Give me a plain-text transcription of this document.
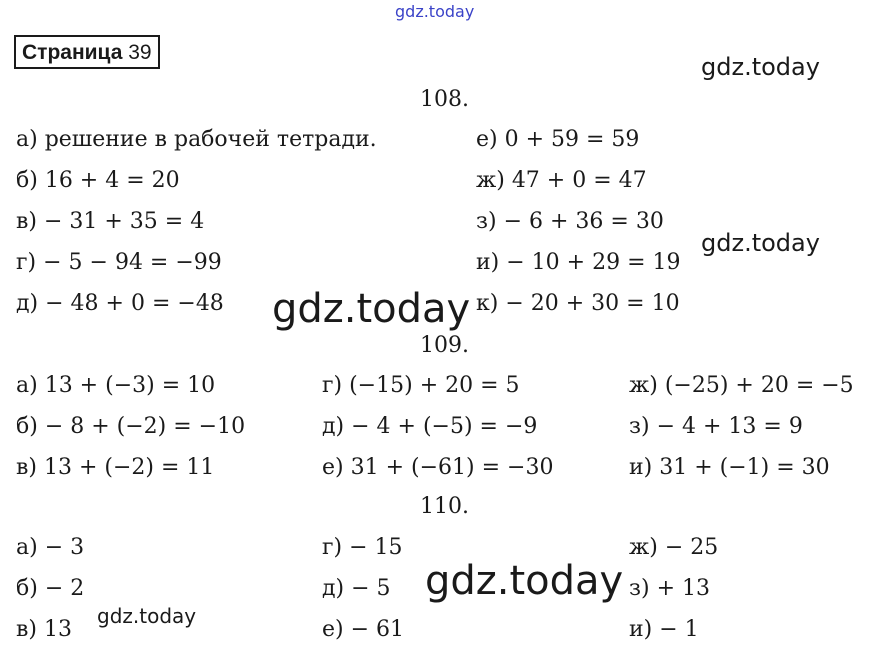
gdz.today
Страница 39
108.
а) решение в рабочей тетради.
б) 16 + 4 = 20
в) − 31 + 35 = 4
г) − 5 − 94 = −99
д) − 48 + 0 = −48
е) 0 + 59 = 59
ж) 47 + 0 = 47
з) − 6 + 36 = 30
и) − 10 + 29 = 19
к) − 20 + 30 = 10
109.
а) 13 + (−3) = 10
б) − 8 + (−2) = −10
в) 13 + (−2) = 11
г) (−15) + 20 = 5
д) − 4 + (−5) = −9
е) 31 + (−61) = −30
ж) (−25) + 20 = −5
з) − 4 + 13 = 9
и) 31 + (−1) = 30
110.
а) − 3
б) − 2
в) 13
г) − 15
д) − 5
е) − 61
ж) − 25
з) + 13
и) − 1
gdz.today
gdz.today
gdz.today
gdz.today
gdz.today
